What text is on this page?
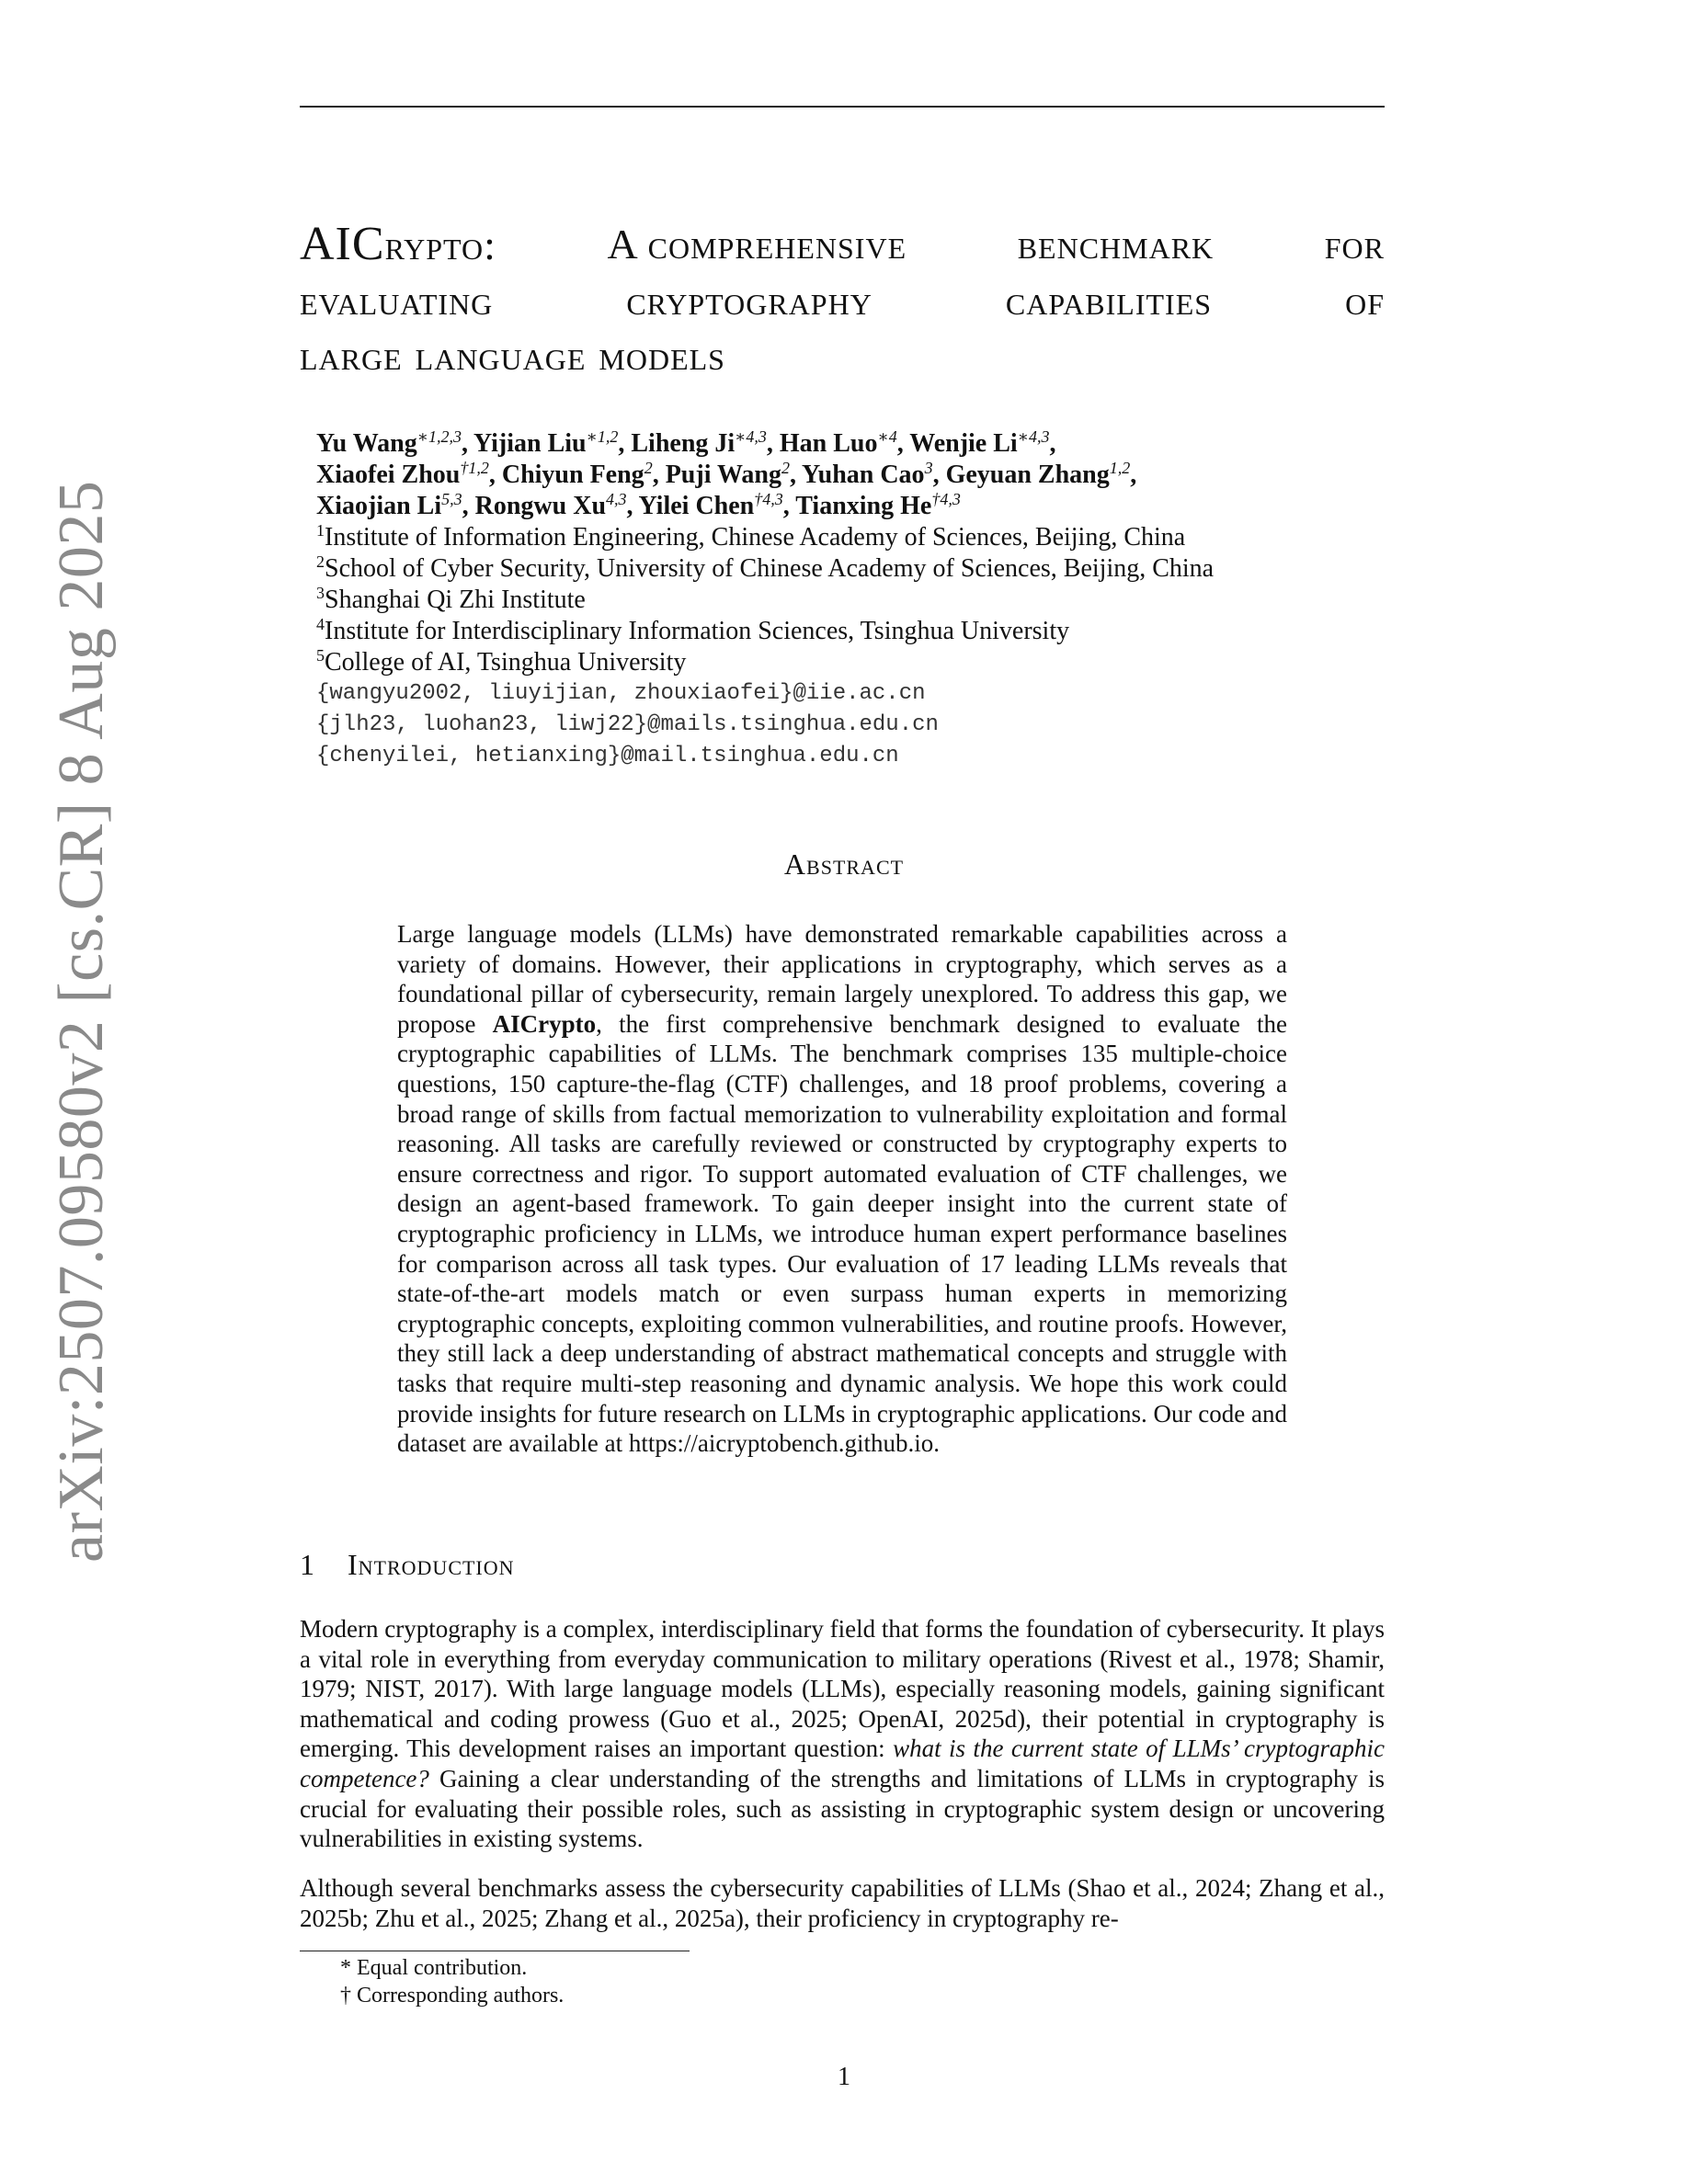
arXiv:2507.09580v2 [cs.CR] 8 Aug 2025
AICrypto:	A comprehensive	benchmark	for
evaluating	cryptography	capabilities	of
large language models
Yu Wang$^{∗1,2,3}$, Yijian Liu$^{∗1,2}$, Liheng $Ji^{∗4,3}$, Han Luo$^{∗4}$, Wenjie $Li^{∗4,3}$,
Xiaofei Zhou$^{\dagger 1,2}$, Chiyun Feng$^2$, Puji Wang$^2$, Yuhan Cao$^3$, Geyuan Zhang$^{1,2}$,
Xiaojian Li$^{5,3}$, Rongwu Xu$^{4,3}$, Yilei Chen$^{\dagger 4,3}$, Tianxing He$^{\dagger 4,3}$
$^1$Institute of Information Engineering, Chinese Academy of Sciences, Beijing, China
$^2$School of Cyber Security, University of Chinese Academy of Sciences, Beijing, China
$^3$Shanghai Qi Zhi Institute
$^4$Institute for Interdisciplinary Information Sciences, Tsinghua University
$^5$College of AI, Tsinghua University
{wangyu2002, liuyijian, zhouxiaofei}@iie.ac.cn
{jlh23, luohan23, liwj22}@mails.tsinghua.edu.cn
{chenyilei, hetianxing}@mail.tsinghua.edu.cn
Abstract
Large language models (LLMs) have demonstrated remarkable capabilities across a variety of domains. However, their applications in cryptography, which serves as a foundational pillar of cybersecurity, remain largely unexplored. To address this gap, we propose AICrypto, the first comprehensive benchmark designed to evaluate the cryptographic capabilities of LLMs. The benchmark comprises 135 multiple-choice questions, 150 capture-the-flag (CTF) challenges, and 18 proof problems, covering a broad range of skills from factual memorization to vulnerability exploitation and formal reasoning. All tasks are carefully reviewed or constructed by cryptography experts to ensure correctness and rigor. To support automated evaluation of CTF challenges, we design an agent-based framework. To gain deeper insight into the current state of cryptographic proficiency in LLMs, we introduce human expert performance baselines for comparison across all task types. Our evaluation of 17 leading LLMs reveals that state-of-the-art models match or even surpass human experts in memorizing cryptographic concepts, exploiting common vulnerabilities, and routine proofs. However, they still lack a deep understanding of abstract mathematical concepts and struggle with tasks that require multi-step reasoning and dynamic analysis. We hope this work could provide insights for future research on LLMs in cryptographic applications. Our code and dataset are available at https://aicryptobench.github.io.
1 Introduction
Modern cryptography is a complex, interdisciplinary field that forms the foundation of cybersecurity. It plays a vital role in everything from everyday communication to military operations (Rivest et al., 1978; Shamir, 1979; NIST, 2017). With large language models (LLMs), especially reasoning models, gaining significant mathematical and coding prowess (Guo et al., 2025; OpenAI, 2025d), their potential in cryptography is emerging. This development raises an important question: what is the current state of LLMs’ cryptographic competence? Gaining a clear understanding of the strengths and limitations of LLMs in cryptography is crucial for evaluating their possible roles, such as assisting in cryptographic system design or uncovering vulnerabilities in existing systems.
Although several benchmarks assess the cybersecurity capabilities of LLMs (Shao et al., 2024; Zhang et al., 2025b; Zhu et al., 2025; Zhang et al., 2025a), their proficiency in cryptography re-
* Equal contribution.
† Corresponding authors.
1
